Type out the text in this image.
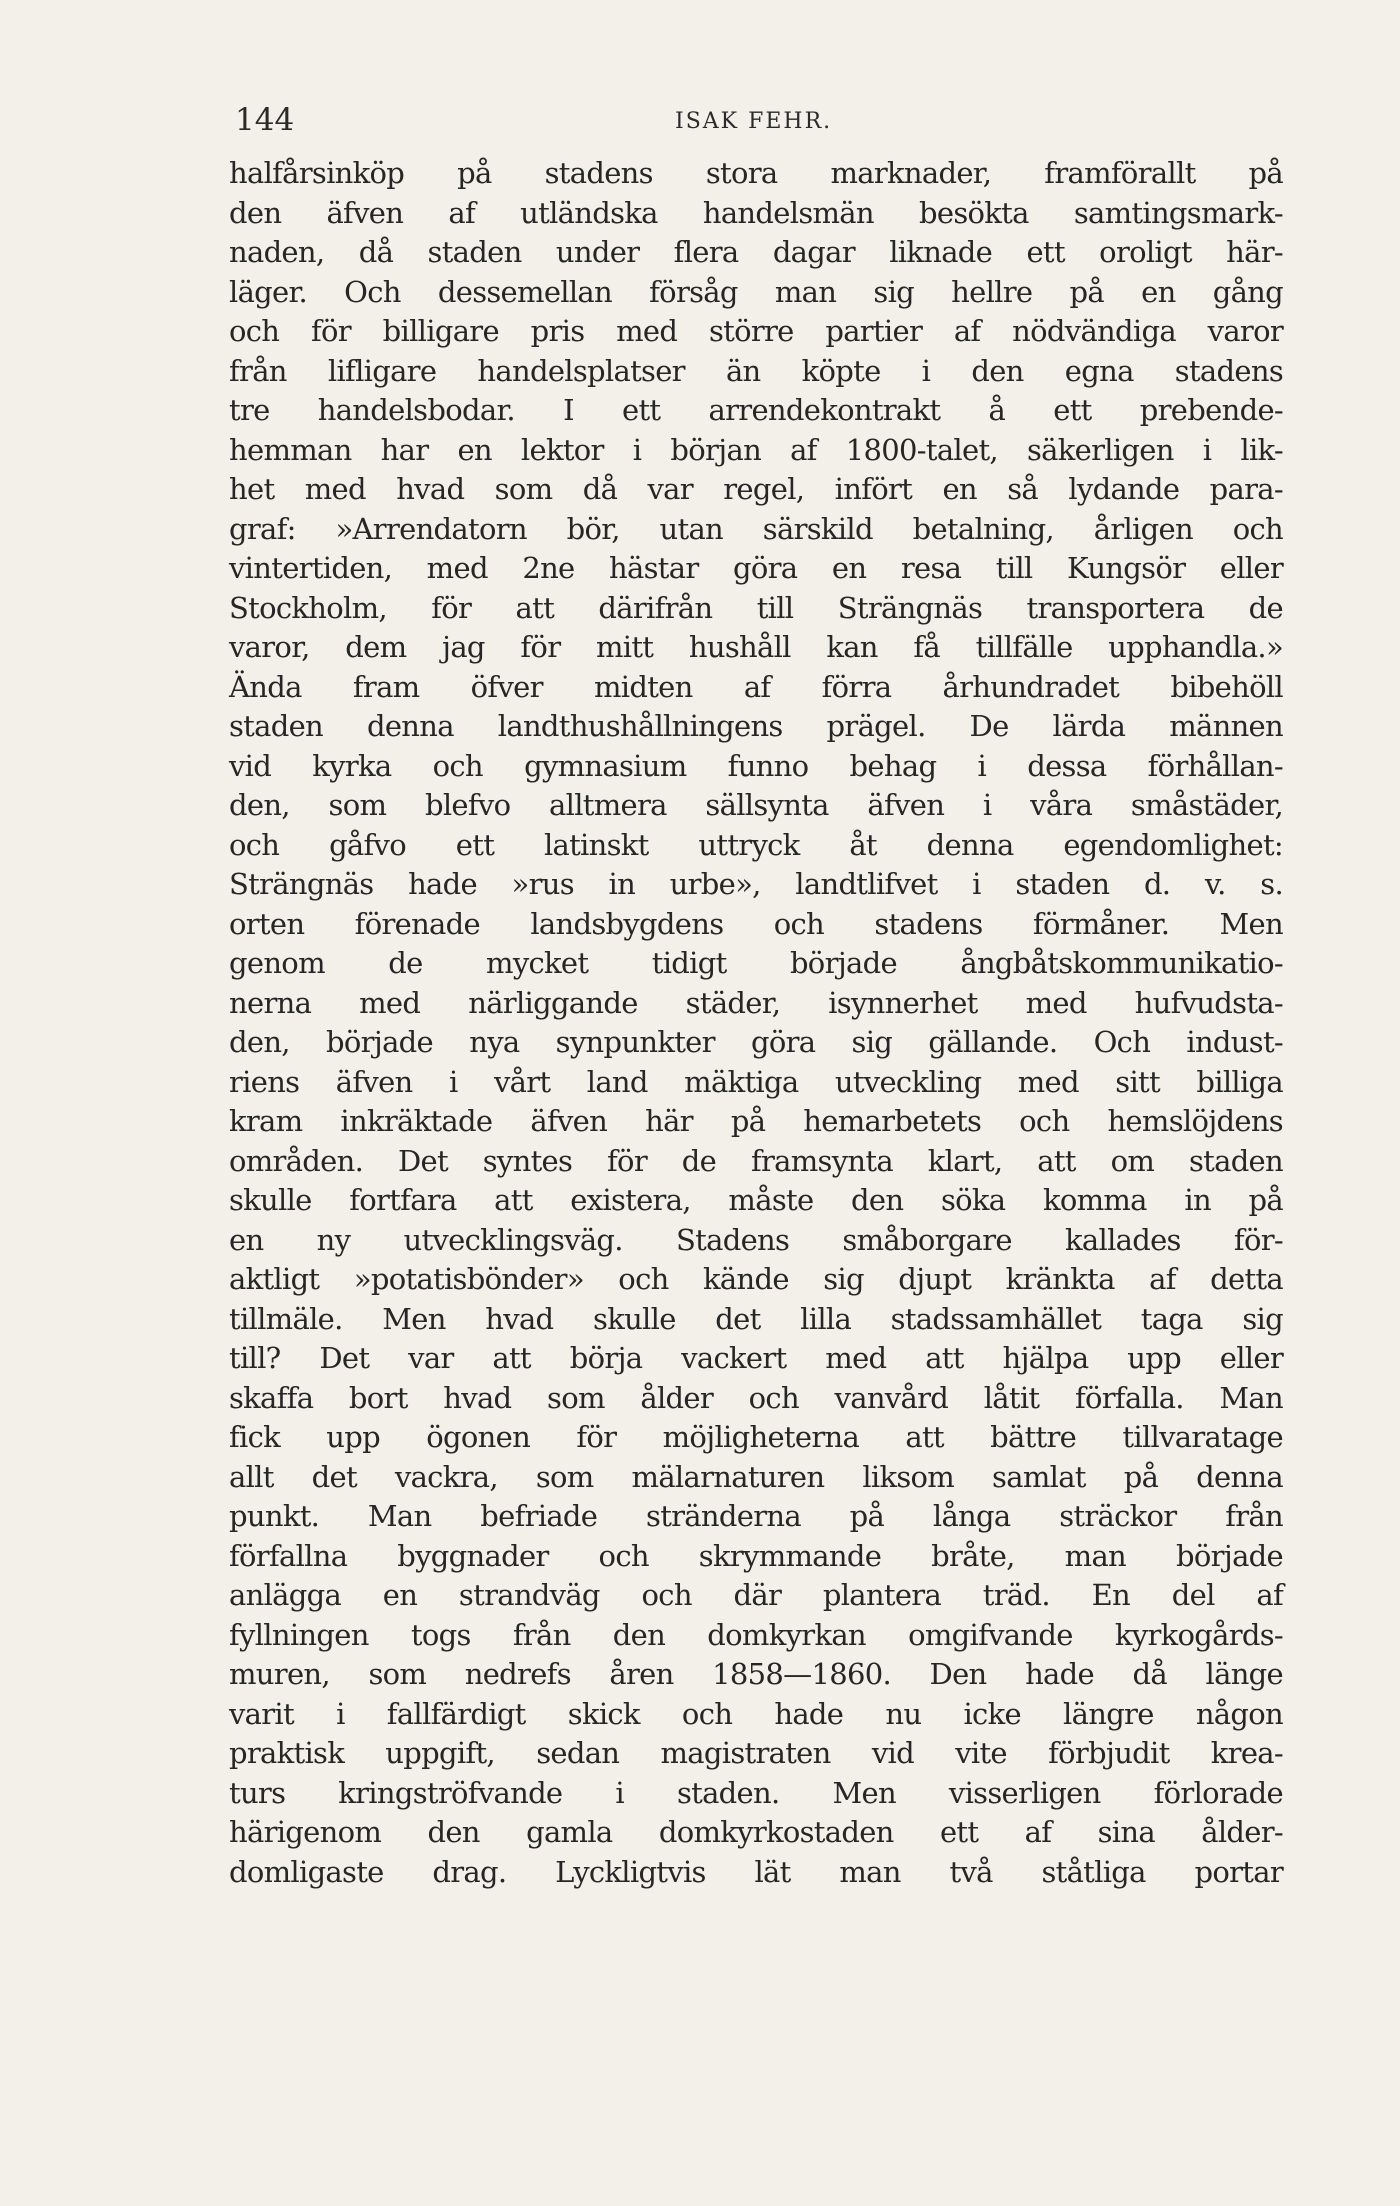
144	ISAK FEHR.
halfårsinköp på stadens stora marknader, framförallt på
den äfven af utländska handelsmän besökta samtingsmark-
naden, då staden under flera dagar liknade ett oroligt här-
läger. Och dessemellan försåg man sig hellre på en gång
och för billigare pris med större partier af nödvändiga varor
från lifligare handelsplatser än köpte i den egna stadens
tre handelsbodar. I ett arrendekontrakt å ett prebende-
hemman har en lektor i början af 1800-talet, säkerligen i lik-
het med hvad som då var regel, infört en så lydande para-
graf: »Arrendatorn bör, utan särskild betalning, årligen och
vintertiden, med 2ne hästar göra en resa till Kungsör eller
Stockholm, för att därifrån till Strängnäs transportera de
varor, dem jag för mitt hushåll kan få tillfälle upphandla.»
Ända fram öfver midten af förra århundradet bibehöll
staden denna landthushållningens prägel. De lärda männen
vid kyrka och gymnasium funno behag i dessa förhållan-
den, som blefvo alltmera sällsynta äfven i våra småstäder,
och gåfvo ett latinskt uttryck åt denna egendomlighet:
Strängnäs hade »rus in urbe», landtlifvet i staden d. v. s.
orten förenade landsbygdens och stadens förmåner. Men
genom de mycket tidigt började ångbåtskommunikatio-
nerna med närliggande städer, isynnerhet med hufvudsta-
den, började nya synpunkter göra sig gällande. Och indust-
riens äfven i vårt land mäktiga utveckling med sitt billiga
kram inkräktade äfven här på hemarbetets och hemslöjdens
områden. Det syntes för de framsynta klart, att om staden
skulle fortfara att existera, måste den söka komma in på
en ny utvecklingsväg. Stadens småborgare kallades för-
aktligt »potatisbönder» och kände sig djupt kränkta af detta
tillmäle. Men hvad skulle det lilla stadssamhället taga sig
till? Det var att börja vackert med att hjälpa upp eller
skaffa bort hvad som ålder och vanvård låtit förfalla. Man
fick upp ögonen för möjligheterna att bättre tillvaratage
allt det vackra, som mälarnaturen liksom samlat på denna
punkt. Man befriade stränderna på långa sträckor från
förfallna byggnader och skrymmande bråte, man började
anlägga en strandväg och där plantera träd. En del af
fyllningen togs från den domkyrkan omgifvande kyrkogårds-
muren, som nedrefs åren 1858—1860. Den hade då länge
varit i fallfärdigt skick och hade nu icke längre någon
praktisk uppgift, sedan magistraten vid vite förbjudit krea-
turs kringströfvande i staden. Men visserligen förlorade
härigenom den gamla domkyrkostaden ett af sina ålder-
domligaste drag. Lyckligtvis lät man två ståtliga portar
